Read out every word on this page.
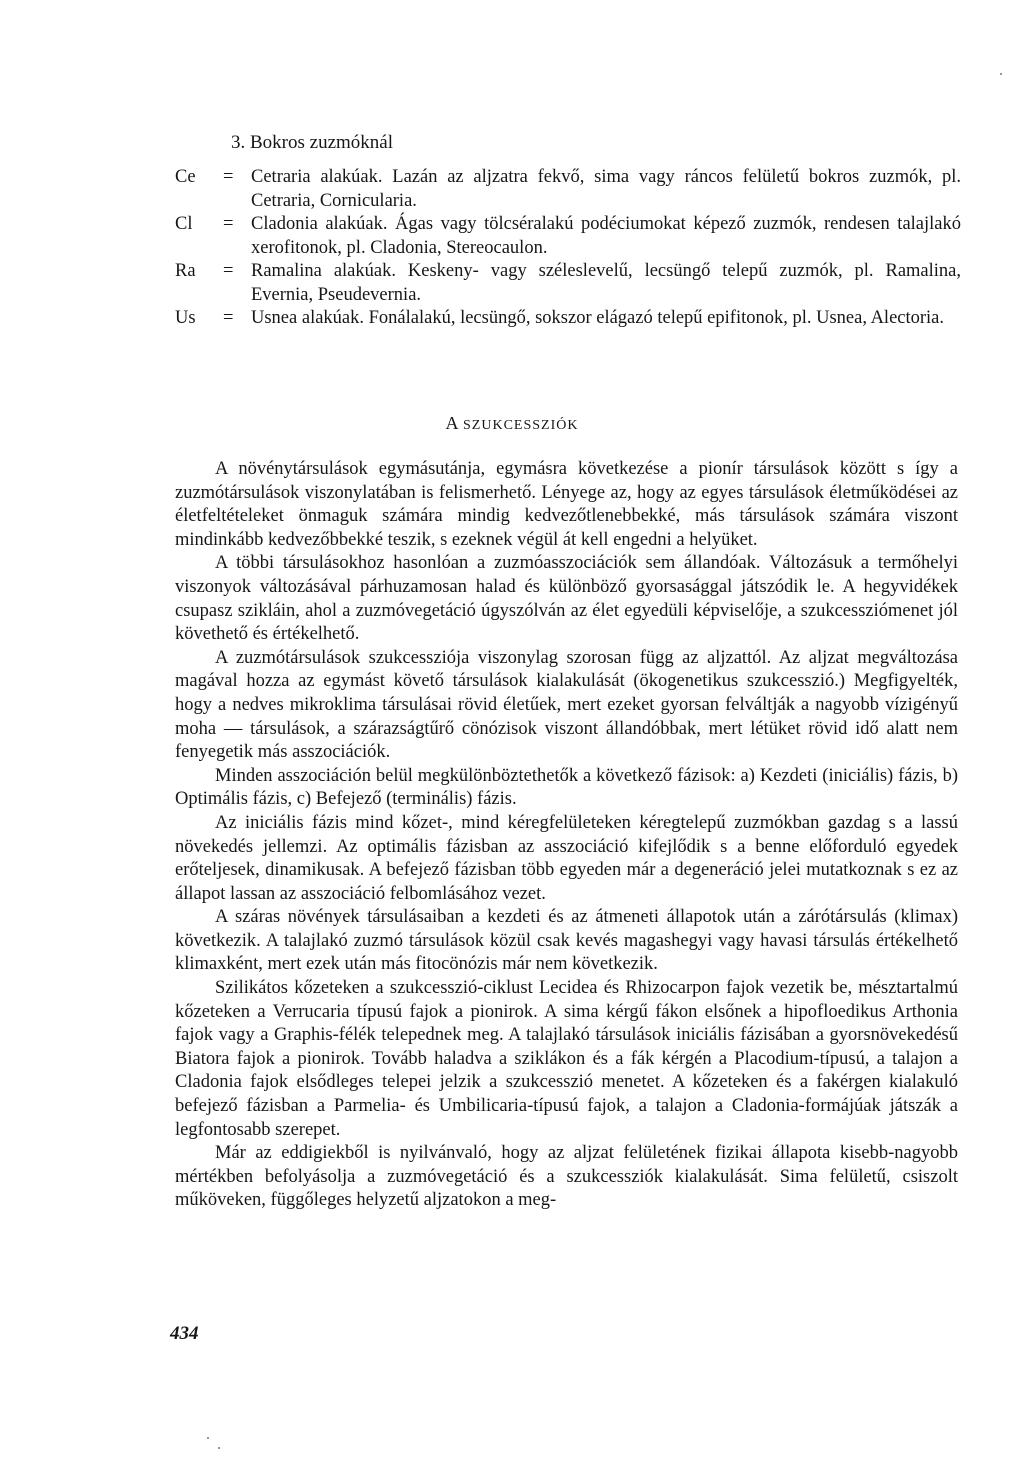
3. Bokros zuzmóknál
Ce	= Cetraria alakúak. Lazán az aljzatra fekvő, sima vagy ráncos felületű bokros zuzmók, pl. Cetraria, Cornicularia.
Cl	= Cladonia alakúak. Ágas vagy tölcséralakú podéciumokat képező zuzmók, rendesen talajlakó xerofitonok, pl. Cladonia, Stereocaulon.
Ra	= Ramalina alakúak. Keskeny- vagy széleslevelű, lecsüngő telepű zuzmók, pl. Ramalina, Evernia, Pseudevernia.
Us	= Usnea alakúak. Fonálalakú, lecsüngő, sokszor elágazó telepű epifitonok, pl. Usnea, Alectoria.
A SZUKCESSZIÓK

A növénytársulások egymásutánja, egymásra következése a pionír társulások között s így a zuzmótársulások viszonylatában is felismerhető. Lényege az, hogy az egyes társulások életműködései az életfeltételeket önmaguk számára mindig kedvezőtlenebbekké, más társulások számára viszont mindinkább kedvezőbbekké teszik, s ezeknek végül át kell engedni a helyüket.

A többi társulásokhoz hasonlóan a zuzmóasszociációk sem állandóak. Változásuk a termőhelyi viszonyok változásával párhuzamosan halad és különböző gyorsasággal játszódik le. A hegyvidékek csupasz szikláin, ahol a zuzmóvegetáció úgyszólván az élet egyedüli képviselője, a szukcessziómenet jól követhető és értékelhető.

A zuzmótársulások szukcessziója viszonylag szorosan függ az aljzattól. Az aljzat megváltozása magával hozza az egymást követő társulások kialakulását (ökogenetikus szukcesszió.) Megfigyelték, hogy a nedves mikroklima társulásai rövid életűek, mert ezeket gyorsan felváltják a nagyobb vízigényű moha — társulások, a szárazságtűrő cönózisok viszont állandóbbak, mert létüket rövid idő alatt nem fenyegetik más asszociációk.

Minden asszociáción belül megkülönböztethetők a következő fázisok: a) Kezdeti (iniciális) fázis, b) Optimális fázis, c) Befejező (terminális) fázis.

Az iniciális fázis mind kőzet-, mind kéregfelületeken kéregtelepű zuzmókban gazdag s a lassú növekedés jellemzi. Az optimális fázisban az asszociáció kifejlődik s a benne előforduló egyedek erőteljesek, dinamikusak. A befejező fázisban több egyeden már a degeneráció jelei mutatkoznak s ez az állapot lassan az asszociáció felbomlásához vezet.

A száras növények társulásaiban a kezdeti és az átmeneti állapotok után a zárótársulás (klimax) következik. A talajlakó zuzmó társulások közül csak kevés magashegyi vagy havasi társulás értékelhető klimaxként, mert ezek után más fitocönózis már nem következik.

Szilikátos kőzeteken a szukcesszió-ciklust Lecidea és Rhizocarpon fajok vezetik be, mésztartalmú kőzeteken a Verrucaria típusú fajok a pionirok. A sima kérgű fákon elsőnek a hipofloedikus Arthonia fajok vagy a Graphis-félék telepednek meg. A talajlakó társulások iniciális fázisában a gyorsnövekedésű Biatora fajok a pionirok. Tovább haladva a sziklákon és a fák kérgén a Placodium-típusú, a talajon a Cladonia fajok elsődleges telepei jelzik a szukcesszió menetet. A kőzeteken és a fakérgen kialakuló befejező fázisban a Parmelia- és Umbilicaria-típusú fajok, a talajon a Cladonia-formájúak játszák a legfontosabb szerepet.

Már az eddigiekből is nyilvánvaló, hogy az aljzat felületének fizikai állapota kisebb-nagyobb mértékben befolyásolja a zuzmóvegetáció és a szukcessziók kialakulását. Sima felületű, csiszolt műköveken, függőleges helyzetű aljzatokon a meg-

434
